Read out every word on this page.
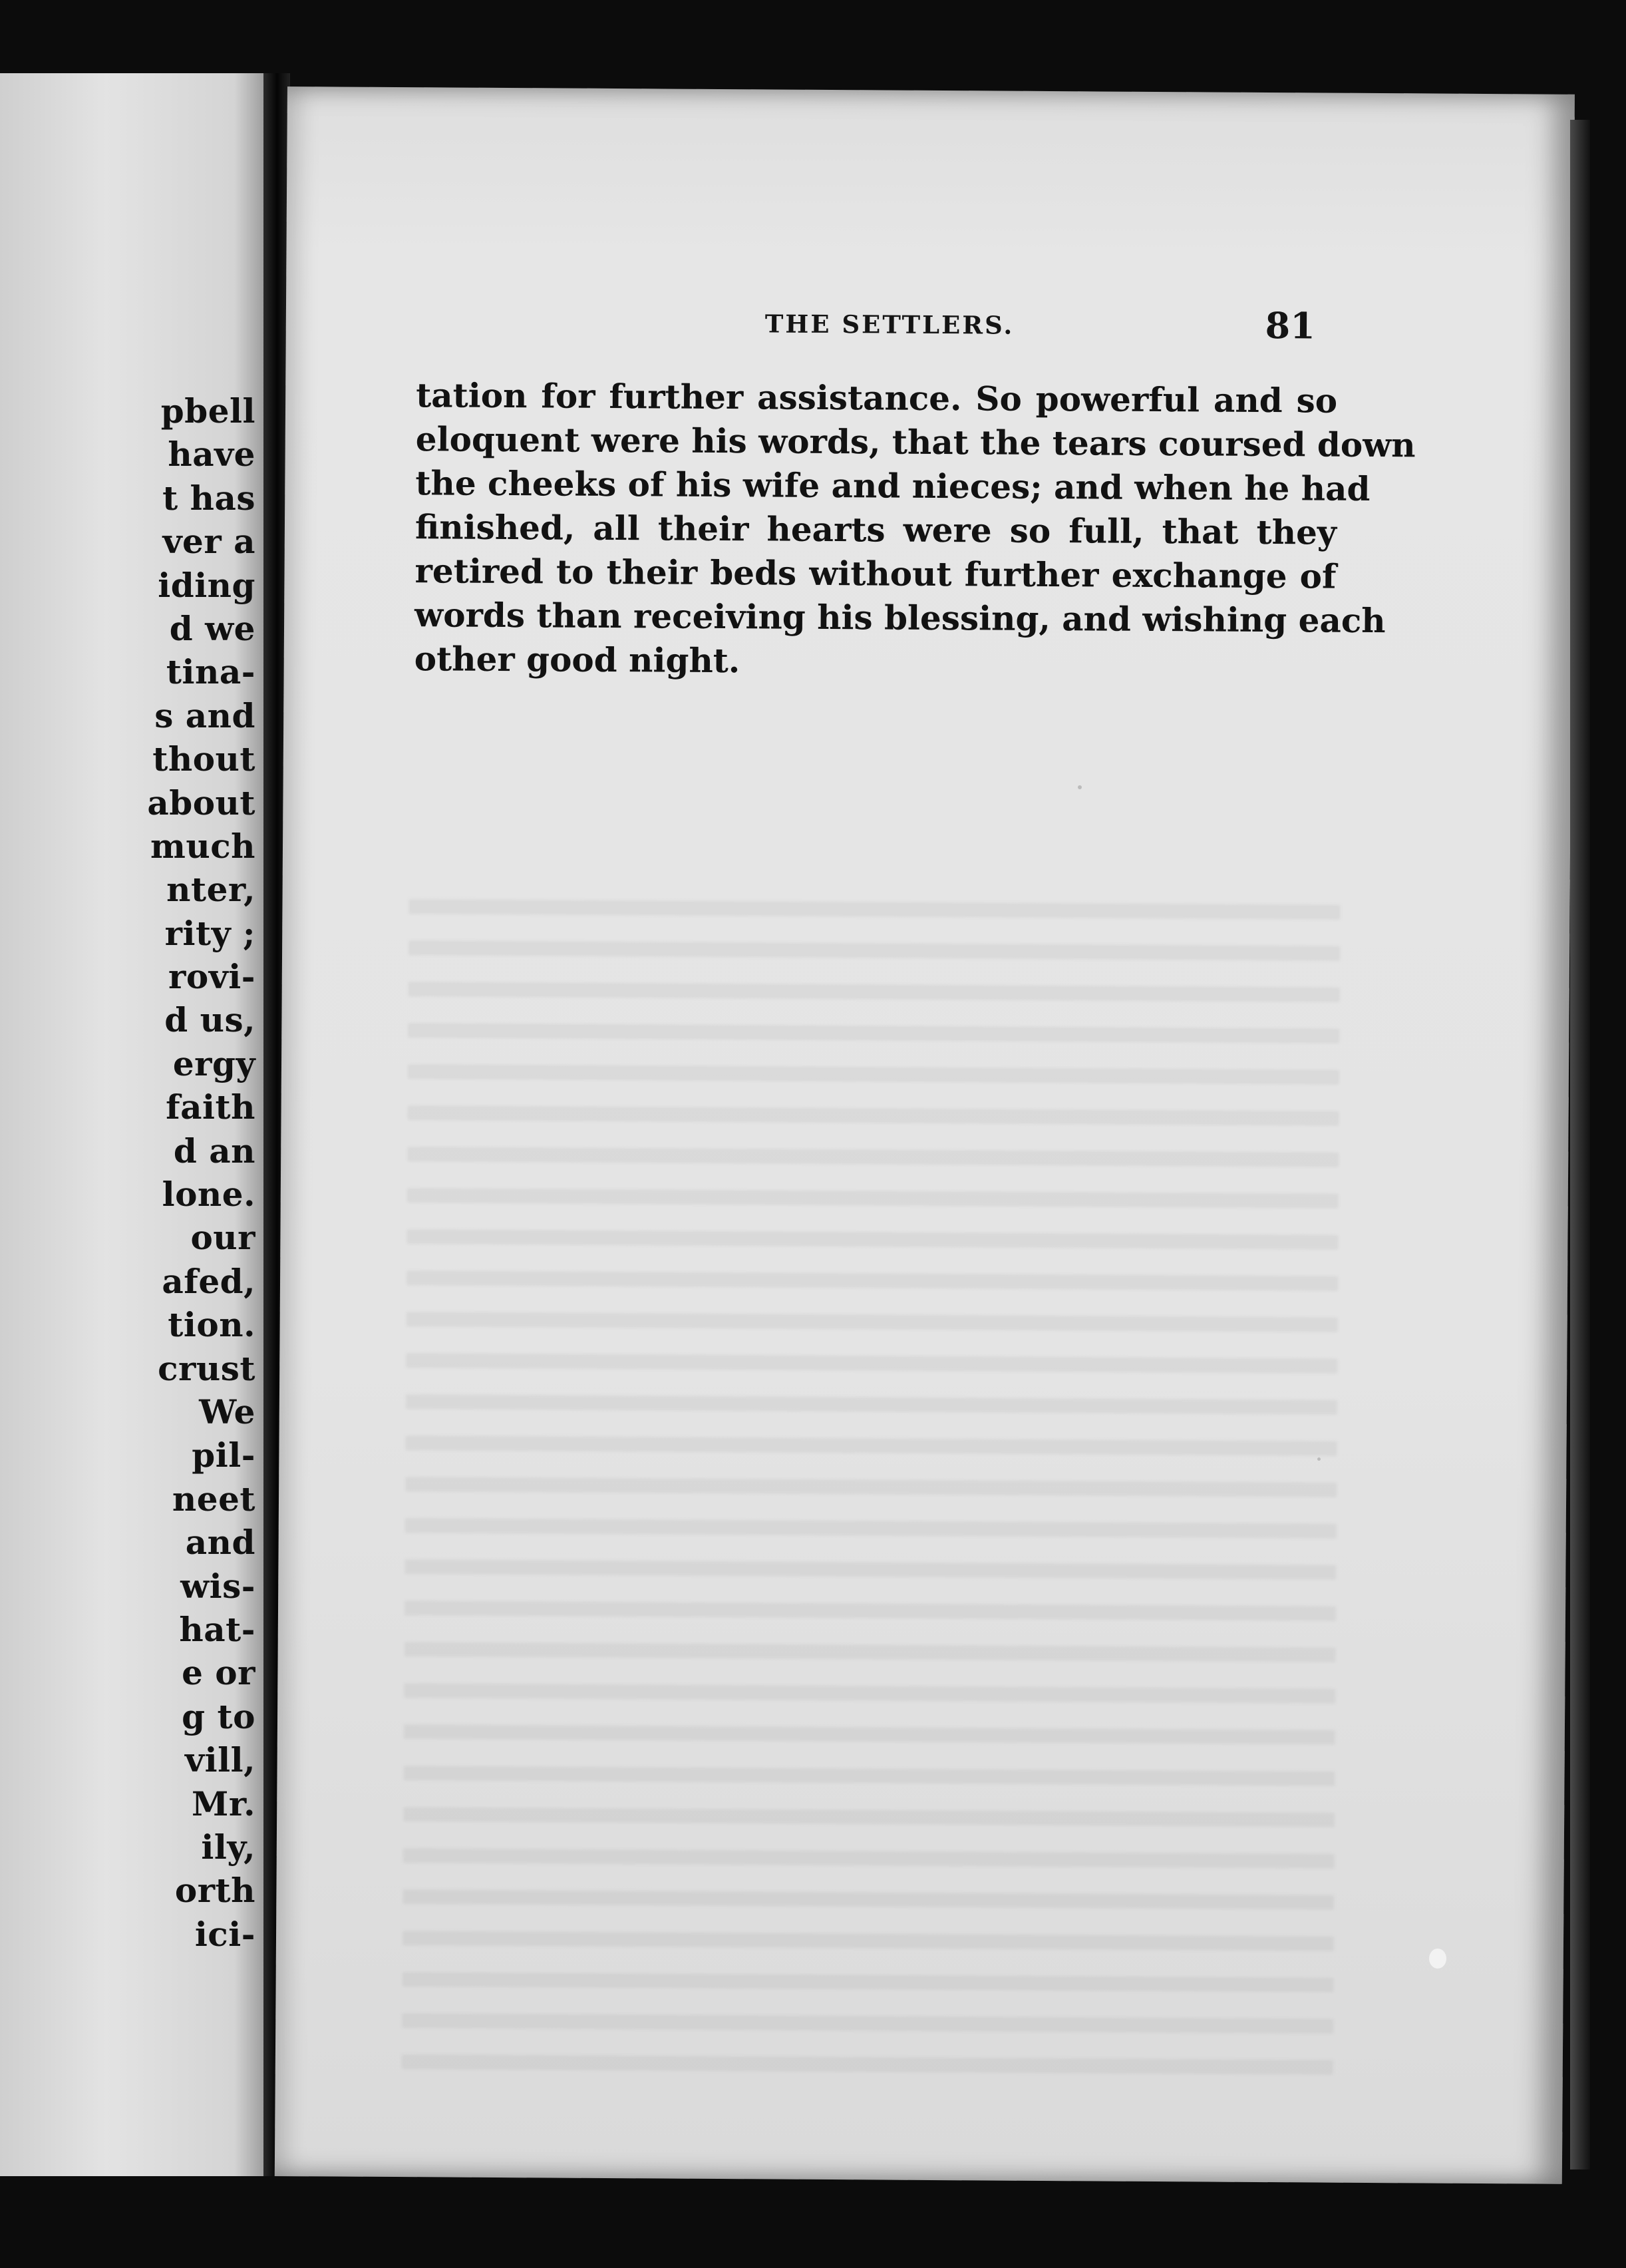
pbell
have
t has
ver a
iding
d we
tina-
s and
thout
about
much
nter,
rity ;
rovi-
d us,
ergy
faith
d an
lone.
our
afed,
tion.
crust
We
pil-
neet
and
wis-
hat-
e or
g to
vill,
Mr.
ily,
orth
ici-
THE SETTLERS.	81
tation for further assistance. So powerful and so
eloquent were his words, that the tears coursed down
the cheeks of his wife and nieces; and when he had
finished, all their hearts were so full, that they
retired to their beds without further exchange of
words than receiving his blessing, and wishing each
other good night.
